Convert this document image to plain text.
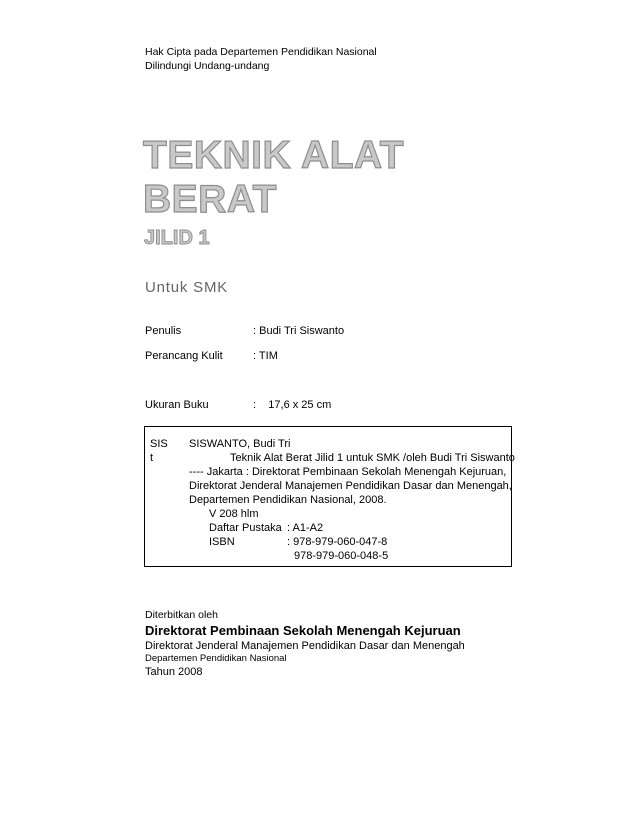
Hak Cipta pada Departemen Pendidikan Nasional
Dilindungi Undang-undang
TEKNIK ALAT
BERAT
JILID 1
Untuk SMK
Penulis	: Budi Tri Siswanto
Perancang Kulit	: TIM
Ukuran Buku	:    17,6 x 25 cm
SIS
t
SISWANTO, Budi Tri
Teknik Alat Berat Jilid 1 untuk SMK /oleh Budi Tri Siswanto
---- Jakarta : Direktorat Pembinaan Sekolah Menengah Kejuruan,
Direktorat Jenderal Manajemen Pendidikan Dasar dan Menengah,
Departemen Pendidikan Nasional, 2008.
V 208 hlm
Daftar Pustaka : A1-A2
ISBN	: 978-979-060-047-8
978-979-060-048-5
Diterbitkan oleh
Direktorat Pembinaan Sekolah Menengah Kejuruan
Direktorat Jenderal Manajemen Pendidikan Dasar dan Menengah
Departemen Pendidikan Nasional
Tahun 2008
